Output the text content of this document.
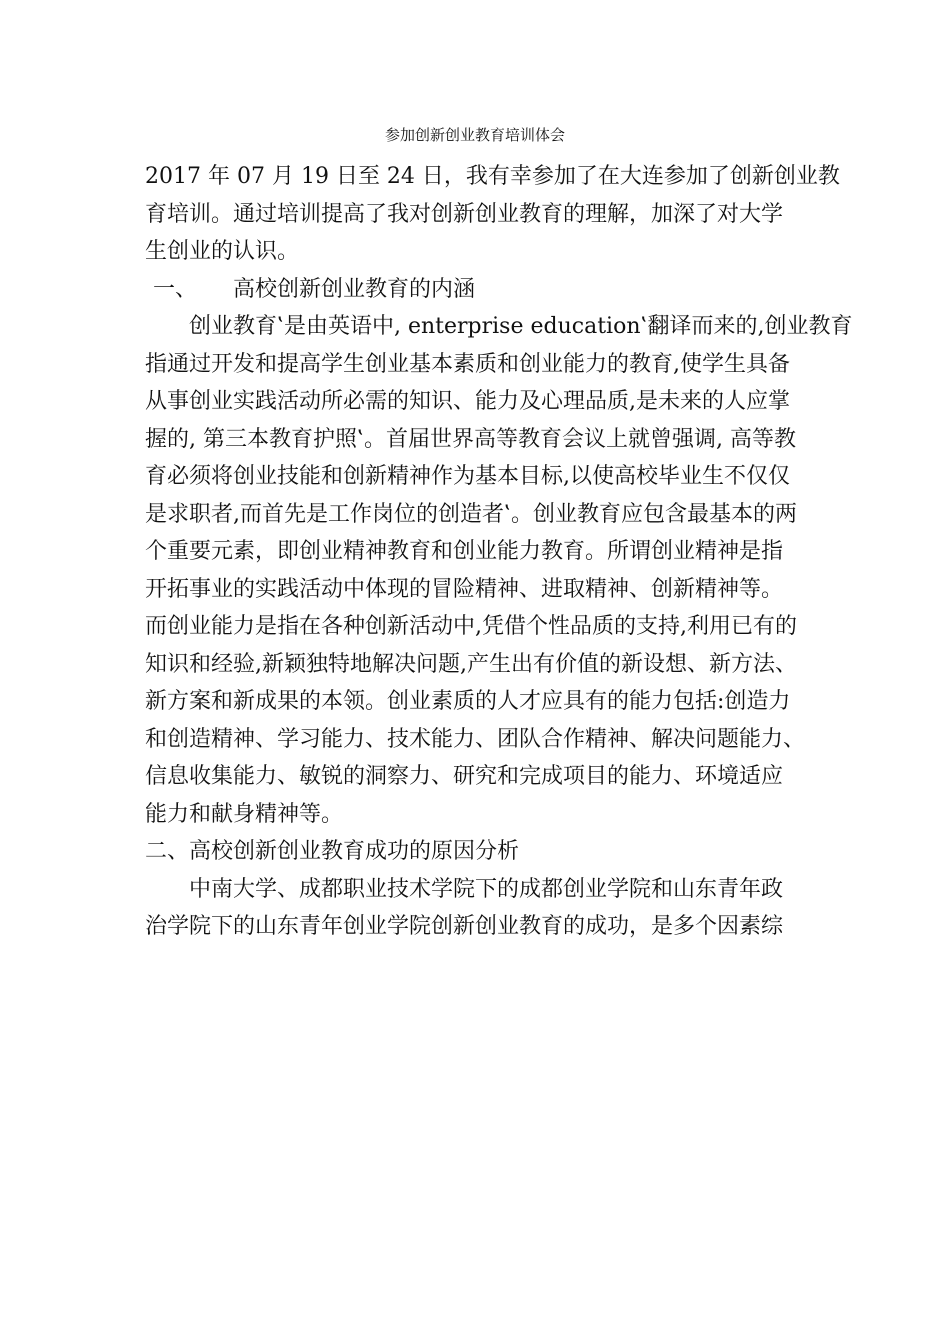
参加创新创业教育培训体会
2017 年 07 月 19 日至 24 日，我有幸参加了在大连参加了创新创业教
育培训。通过培训提高了我对创新创业教育的理解，加深了对大学
生创业的认识。
一、 高校创新创业教育的内涵
创业教育‛是由英语中, enterprise education‛翻译而来的,创业教育
指通过开发和提高学生创业基本素质和创业能力的教育,使学生具备
从事创业实践活动所必需的知识、能力及心理品质,是未来的人应掌
握的, 第三本教育护照‛。首届世界高等教育会议上就曾强调, 高等教
育必须将创业技能和创新精神作为基本目标,以使高校毕业生不仅仅
是求职者,而首先是工作岗位的创造者‛。创业教育应包含最基本的两
个重要元素，即创业精神教育和创业能力教育。所谓创业精神是指
开拓事业的实践活动中体现的冒险精神、进取精神、创新精神等。
而创业能力是指在各种创新活动中,凭借个性品质的支持,利用已有的
知识和经验,新颖独特地解决问题,产生出有价值的新设想、新方法、
新方案和新成果的本领。创业素质的人才应具有的能力包括:创造力
和创造精神、学习能力、技术能力、团队合作精神、解决问题能力、
信息收集能力、敏锐的洞察力、研究和完成项目的能力、环境适应
能力和献身精神等。
二、高校创新创业教育成功的原因分析
中南大学、成都职业技术学院下的成都创业学院和山东青年政
治学院下的山东青年创业学院创新创业教育的成功，是多个因素综
